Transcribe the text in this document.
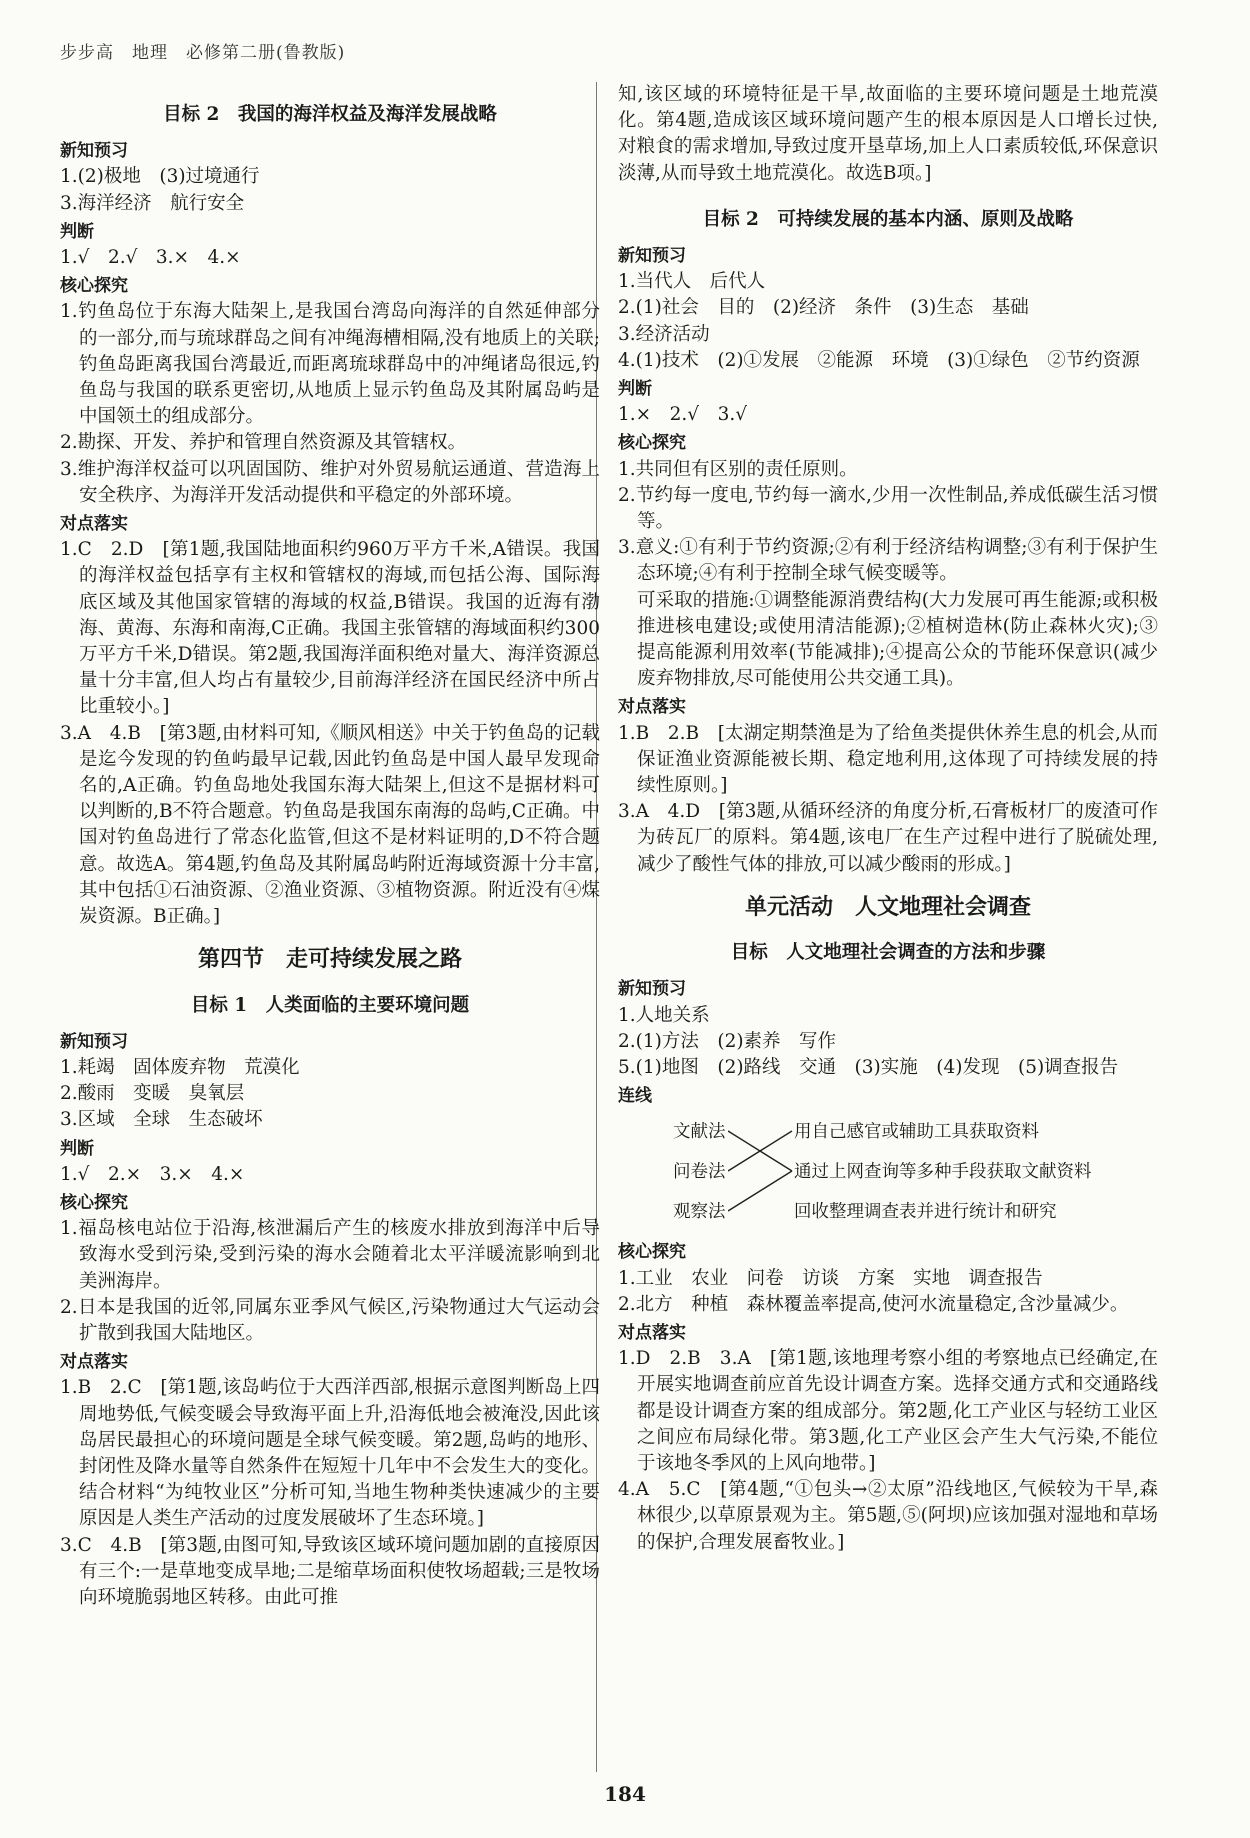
步步高　地理　必修第二册(鲁教版)
目标 2　我国的海洋权益及海洋发展战略
新知预习
1.(2)极地　(3)过境通行
3.海洋经济　航行安全
判断
1.√　2.√　3.×　4.×
核心探究
1.钓鱼岛位于东海大陆架上,是我国台湾岛向海洋的自然延伸部分的一部分,而与琉球群岛之间有冲绳海槽相隔,没有地质上的关联;钓鱼岛距离我国台湾最近,而距离琉球群岛中的冲绳诸岛很远,钓鱼岛与我国的联系更密切,从地质上显示钓鱼岛及其附属岛屿是中国领土的组成部分。
2.勘探、开发、养护和管理自然资源及其管辖权。
3.维护海洋权益可以巩固国防、维护对外贸易航运通道、营造海上安全秩序、为海洋开发活动提供和平稳定的外部环境。
对点落实
1.C　2.D　[第1题,我国陆地面积约960万平方千米,A错误。我国的海洋权益包括享有主权和管辖权的海域,而包括公海、国际海底区域及其他国家管辖的海域的权益,B错误。我国的近海有渤海、黄海、东海和南海,C正确。我国主张管辖的海域面积约300万平方千米,D错误。第2题,我国海洋面积绝对量大、海洋资源总量十分丰富,但人均占有量较少,目前海洋经济在国民经济中所占比重较小。]
3.A　4.B　[第3题,由材料可知,《顺风相送》中关于钓鱼岛的记载是迄今发现的钓鱼屿最早记载,因此钓鱼岛是中国人最早发现命名的,A正确。钓鱼岛地处我国东海大陆架上,但这不是据材料可以判断的,B不符合题意。钓鱼岛是我国东南海的岛屿,C正确。中国对钓鱼岛进行了常态化监管,但这不是材料证明的,D不符合题意。故选A。第4题,钓鱼岛及其附属岛屿附近海域资源十分丰富,其中包括①石油资源、②渔业资源、③植物资源。附近没有④煤炭资源。B正确。]
第四节　走可持续发展之路
目标 1　人类面临的主要环境问题
新知预习
1.耗竭　固体废弃物　荒漠化
2.酸雨　变暖　臭氧层
3.区域　全球　生态破坏
判断
1.√　2.×　3.×　4.×
核心探究
1.福岛核电站位于沿海,核泄漏后产生的核废水排放到海洋中后导致海水受到污染,受到污染的海水会随着北太平洋暖流影响到北美洲海岸。
2.日本是我国的近邻,同属东亚季风气候区,污染物通过大气运动会扩散到我国大陆地区。
对点落实
1.B　2.C　[第1题,该岛屿位于大西洋西部,根据示意图判断岛上四周地势低,气候变暖会导致海平面上升,沿海低地会被淹没,因此该岛居民最担心的环境问题是全球气候变暖。第2题,岛屿的地形、封闭性及降水量等自然条件在短短十几年中不会发生大的变化。结合材料“为纯牧业区”分析可知,当地生物种类快速减少的主要原因是人类生产活动的过度发展破坏了生态环境。]
3.C　4.B　[第3题,由图可知,导致该区域环境问题加剧的直接原因有三个:一是草地变成旱地;二是缩草场面积使牧场超载;三是牧场向环境脆弱地区转移。由此可推
知,该区域的环境特征是干旱,故面临的主要环境问题是土地荒漠化。第4题,造成该区域环境问题产生的根本原因是人口增长过快,对粮食的需求增加,导致过度开垦草场,加上人口素质较低,环保意识淡薄,从而导致土地荒漠化。故选B项。]
目标 2　可持续发展的基本内涵、原则及战略
新知预习
1.当代人　后代人
2.(1)社会　目的　(2)经济　条件　(3)生态　基础
3.经济活动
4.(1)技术　(2)①发展　②能源　环境　(3)①绿色　②节约资源
判断
1.×　2.√　3.√
核心探究
1.共同但有区别的责任原则。
2.节约每一度电,节约每一滴水,少用一次性制品,养成低碳生活习惯等。
3.意义:①有利于节约资源;②有利于经济结构调整;③有利于保护生态环境;④有利于控制全球气候变暖等。
可采取的措施:①调整能源消费结构(大力发展可再生能源;或积极推进核电建设;或使用清洁能源);②植树造林(防止森林火灾);③提高能源利用效率(节能减排);④提高公众的节能环保意识(减少废弃物排放,尽可能使用公共交通工具)。
对点落实
1.B　2.B　[太湖定期禁渔是为了给鱼类提供休养生息的机会,从而保证渔业资源能被长期、稳定地利用,这体现了可持续发展的持续性原则。]
3.A　4.D　[第3题,从循环经济的角度分析,石膏板材厂的废渣可作为砖瓦厂的原料。第4题,该电厂在生产过程中进行了脱硫处理,减少了酸性气体的排放,可以减少酸雨的形成。]
单元活动　人文地理社会调查
目标　人文地理社会调查的方法和步骤
新知预习
1.人地关系
2.(1)方法　(2)素养　写作
5.(1)地图　(2)路线　交通　(3)实施　(4)发现　(5)调查报告
连线
文献法
问卷法
观察法
用自己感官或辅助工具获取资料
通过上网查询等多种手段获取文献资料
回收整理调查表并进行统计和研究
核心探究
1.工业　农业　问卷　访谈　方案　实地　调查报告
2.北方　种植　森林覆盖率提高,使河水流量稳定,含沙量减少。
对点落实
1.D　2.B　3.A　[第1题,该地理考察小组的考察地点已经确定,在开展实地调查前应首先设计调查方案。选择交通方式和交通路线都是设计调查方案的组成部分。第2题,化工产业区与轻纺工业区之间应布局绿化带。第3题,化工产业区会产生大气污染,不能位于该地冬季风的上风向地带。]
4.A　5.C　[第4题,“①包头→②太原”沿线地区,气候较为干旱,森林很少,以草原景观为主。第5题,⑤(阿坝)应该加强对湿地和草场的保护,合理发展畜牧业。]
184
